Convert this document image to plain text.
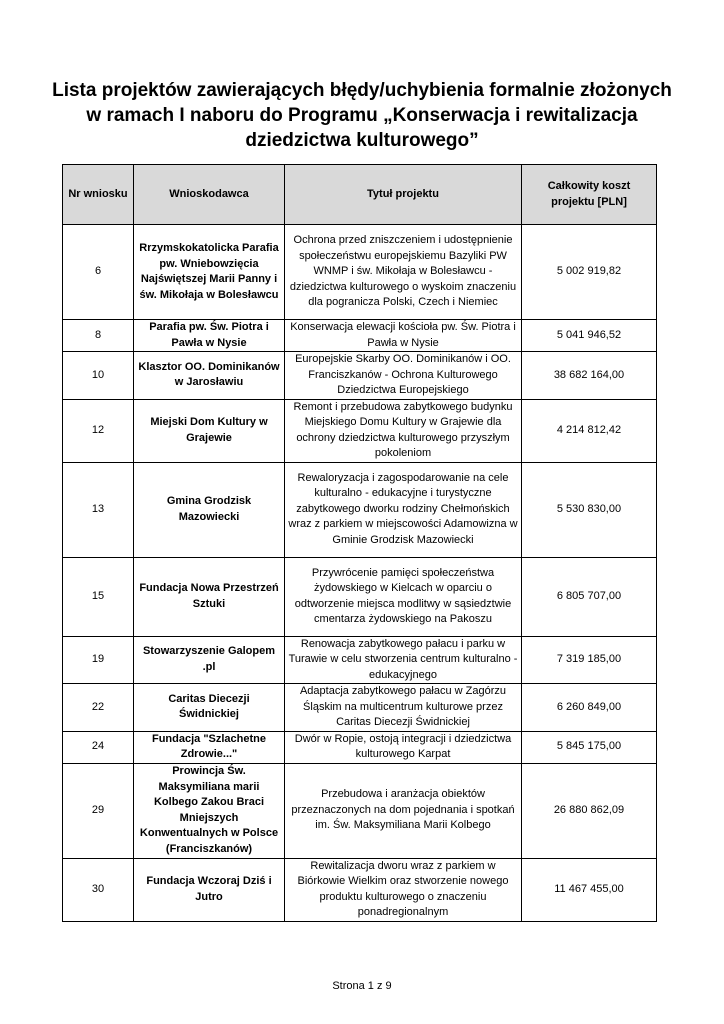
Lista projektów zawierających błędy/uchybienia formalnie złożonych
w ramach I naboru do Programu „Konserwacja i rewitalizacja
dziedzictwa kulturowego”
Nr wniosku	Wnioskodawca	Tytuł projektu	Całkowity koszt projektu [PLN]
6	Rrzymskokatolicka Parafia pw. Wniebowzięcia Najświętszej Marii Panny i św. Mikołaja w Bolesławcu	Ochrona przed zniszczeniem i udostępnienie społeczeństwu europejskiemu Bazyliki PW WNMP i św. Mikołaja w Bolesławcu - dziedzictwa kulturowego o wyskoim znaczeniu dla pogranicza Polski, Czech i Niemiec	5 002 919,82
8	Parafia pw. Św. Piotra i Pawła w Nysie	Konserwacja elewacji kościoła pw. Św. Piotra i Pawła w Nysie	5 041 946,52
10	Klasztor OO. Dominikanów w Jarosławiu	Europejskie Skarby OO. Dominikanów i OO. Franciszkanów - Ochrona Kulturowego Dziedzictwa Europejskiego	38 682 164,00
12	Miejski Dom Kultury w Grajewie	Remont i przebudowa zabytkowego budynku Miejskiego Domu Kultury w Grajewie dla ochrony dziedzictwa kulturowego przyszłym pokoleniom	4 214 812,42
13	Gmina Grodzisk Mazowiecki	Rewaloryzacja i zagospodarowanie na cele kulturalno - edukacyjne i turystyczne zabytkowego dworku rodziny Chełmońskich wraz z parkiem w miejscowości Adamowizna w Gminie Grodzisk Mazowiecki	5 530 830,00
15	Fundacja Nowa Przestrzeń Sztuki	Przywrócenie pamięci społeczeństwa żydowskiego w Kielcach w oparciu o odtworzenie miejsca modlitwy w sąsiedztwie cmentarza żydowskiego na Pakoszu	6 805 707,00
19	Stowarzyszenie Galopem .pl	Renowacja zabytkowego pałacu i parku w Turawie w celu stworzenia centrum kulturalno - edukacyjnego	7 319 185,00
22	Caritas Diecezji Świdnickiej	Adaptacja zabytkowego pałacu w Zagórzu Śląskim na multicentrum kulturowe przez Caritas Diecezji Świdnickiej	6 260 849,00
24	Fundacja "Szlachetne Zdrowie..."	Dwór w Ropie, ostoją integracji i dziedzictwa kulturowego Karpat	5 845 175,00
29	Prowincja Św. Maksymiliana marii Kolbego Zakou Braci Mniejszych Konwentualnych w Polsce (Franciszkanów)	Przebudowa i aranżacja obiektów przeznaczonych na dom pojednania i spotkań im. Św. Maksymiliana Marii Kolbego	26 880 862,09
30	Fundacja Wczoraj Dziś i Jutro	Rewitalizacja dworu wraz z parkiem w Biórkowie Wielkim oraz stworzenie nowego produktu kulturowego o znaczeniu ponadregionalnym	11 467 455,00
Strona 1 z 9
